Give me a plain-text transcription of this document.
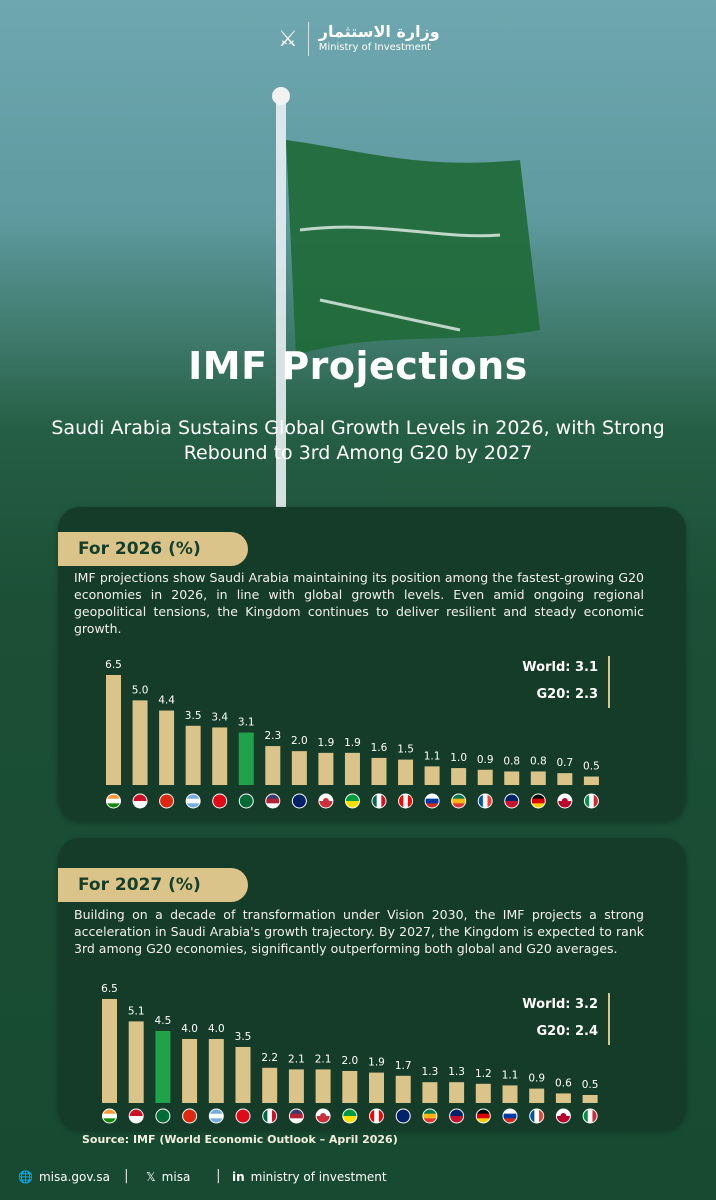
⚔ وزارة الاستثمار
Ministry of Investment
IMF Projections
Saudi Arabia Sustains Global Growth Levels in 2026, with Strong Rebound to 3rd Among G20 by 2027
For 2026 (%)
IMF projections show Saudi Arabia maintaining its position among the fastest-growing G20 economies in 2026, in line with global growth levels. Even amid ongoing regional geopolitical tensions, the Kingdom continues to deliver resilient and steady economic growth.
6.5
5.0
4.4
3.5 3.4 3.1
2.3 2.0 1.9 1.9 1.6 1.5
1.1 1.0 0.9 0.8 0.8 0.7 0.5
World: 3.1
G20: 2.3
For 2027 (%)
Building on a decade of transformation under Vision 2030, the IMF projects a strong acceleration in Saudi Arabia's growth trajectory. By 2027, the Kingdom is expected to rank 3rd among G20 economies, significantly outperforming both global and G20 averages.
6.5
5.1
4.5
4.0 4.0
3.5
2.2 2.1 2.1 2.0 1.9 1.7
1.3 1.3 1.2 1.1 0.9 0.6 0.5
World: 3.2
G20: 2.4
Source: IMF (World Economic Outlook – April 2026)
🌐 misa.gov.sa | 𝕏 misa | in ministry of investment
